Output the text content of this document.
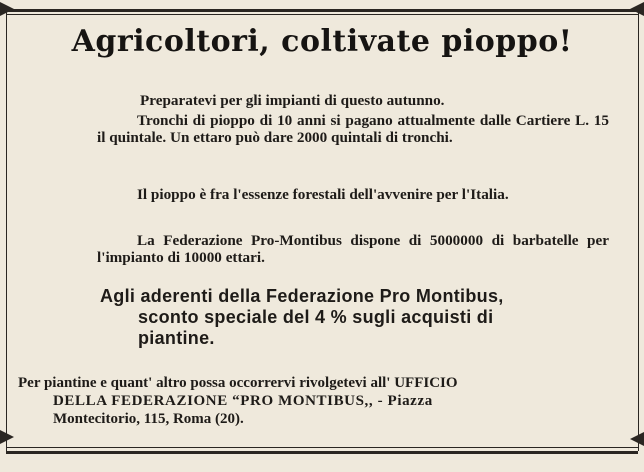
Agricoltori, coltivate pioppo!

Preparatevi per gli impianti di questo autunno.

Tronchi di pioppo di 10 anni si pagano attualmente dalle Cartiere L. 15 il quintale. Un ettaro può dare 2000 quintali di tronchi.

Il pioppo è fra l'essenze forestali dell'avvenire per l'Italia.

La Federazione Pro-Montibus dispone di 5000000 di barbatelle per l'impianto di 10000 ettari.

Agli aderenti della Federazione Pro Montibus,
sconto speciale del 4 % sugli acquisti di
piantine.

Per piantine e quant' altro possa occorrervi rivolgetevi all' UFFICIO
DELLA FEDERAZIONE “PRO MONTIBUS,, - Piazza
Montecitorio, 115, Roma (20).
